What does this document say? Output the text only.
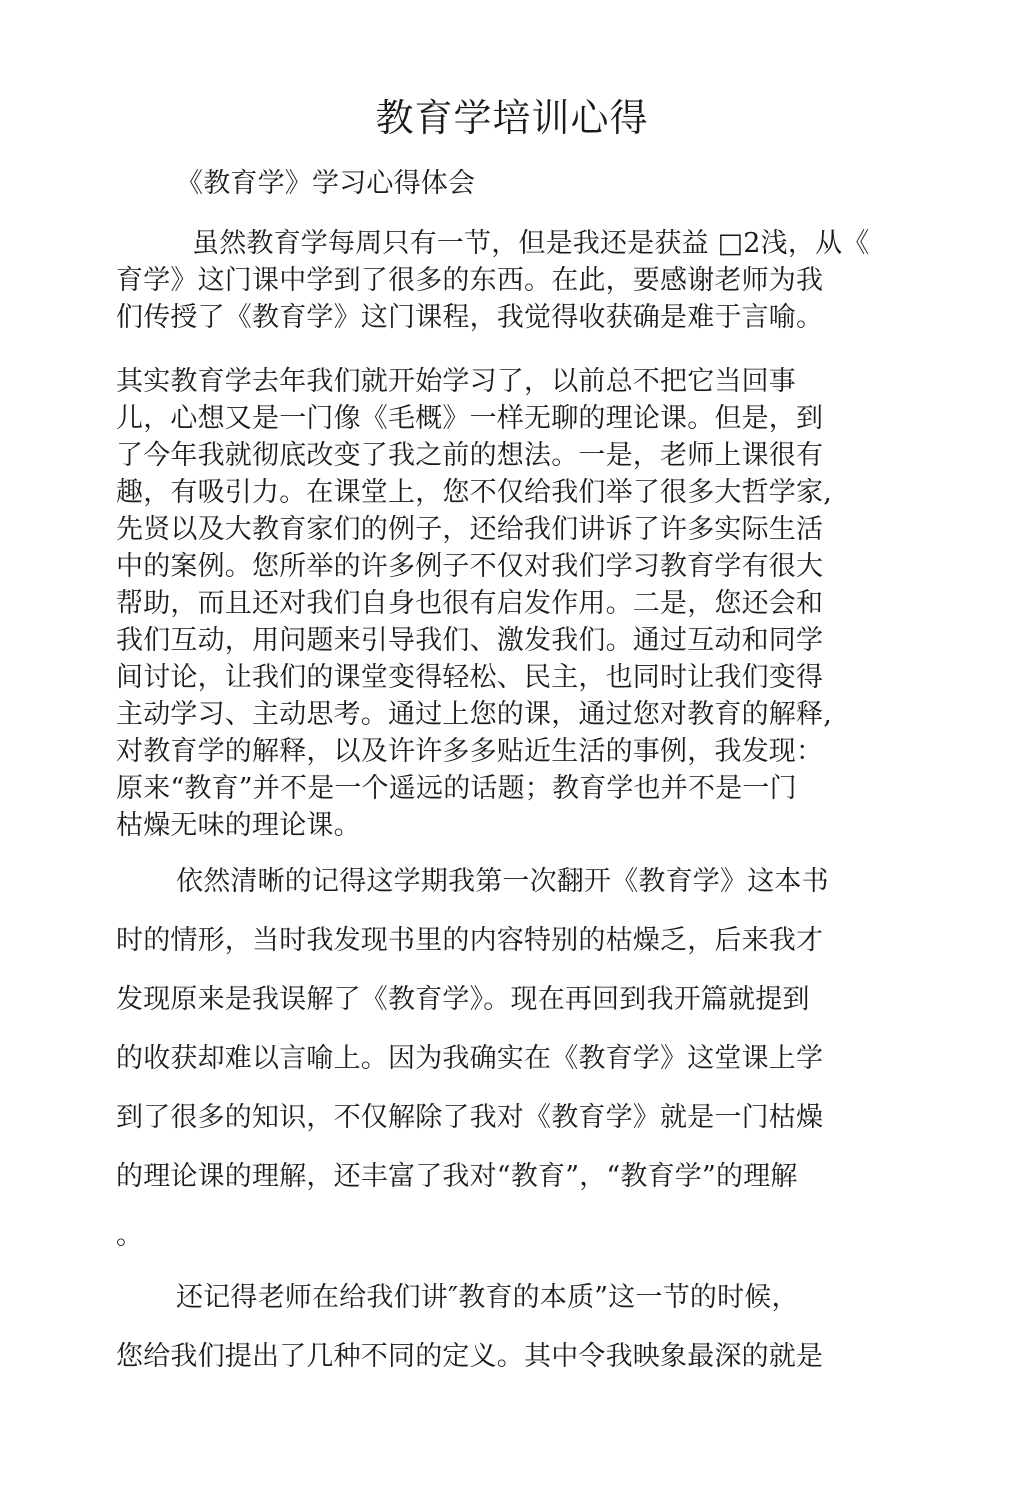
教育学培训心得
《教育学》学习心得体会
虽然教育学每周只有一节，但是我还是获益 □2浅，从《
育学》这门课中学到了很多的东西。在此，要感谢老师为我
们传授了《教育学》这门课程，我觉得收获确是难于言喻。
其实教育学去年我们就开始学习了，以前总不把它当回事
儿，心想又是一门像《毛概》一样无聊的理论课。但是，到
了今年我就彻底改变了我之前的想法。一是，老师上课很有
趣，有吸引力。在课堂上，您不仅给我们举了很多大哲学家,
先贤以及大教育家们的例子，还给我们讲诉了许多实际生活
中的案例。您所举的许多例子不仅对我们学习教育学有很大
帮助，而且还对我们自身也很有启发作用。二是，您还会和
我们互动，用问题来引导我们、激发我们。通过互动和同学
间讨论，让我们的课堂变得轻松、民主，也同时让我们变得
主动学习、主动思考。通过上您的课，通过您对教育的解释,
对教育学的解释，以及许许多多贴近生活的事例，我发现：
原来“教育”并不是一个遥远的话题；教育学也并不是一门
枯燥无味的理论课。
依然清晰的记得这学期我第一次翻开《教育学》这本书
时的情形，当时我发现书里的内容特别的枯燥乏，后来我才
发现原来是我误解了《教育学》。现在再回到我开篇就提到
的收获却难以言喻上。因为我确实在《教育学》这堂课上学
到了很多的知识，不仅解除了我对《教育学》就是一门枯燥
的理论课的理解，还丰富了我对“教育”，“教育学”的理解
。
还记得老师在给我们讲″教育的本质”这一节的时候，
您给我们提出了几种不同的定义。其中令我映象最深的就是
